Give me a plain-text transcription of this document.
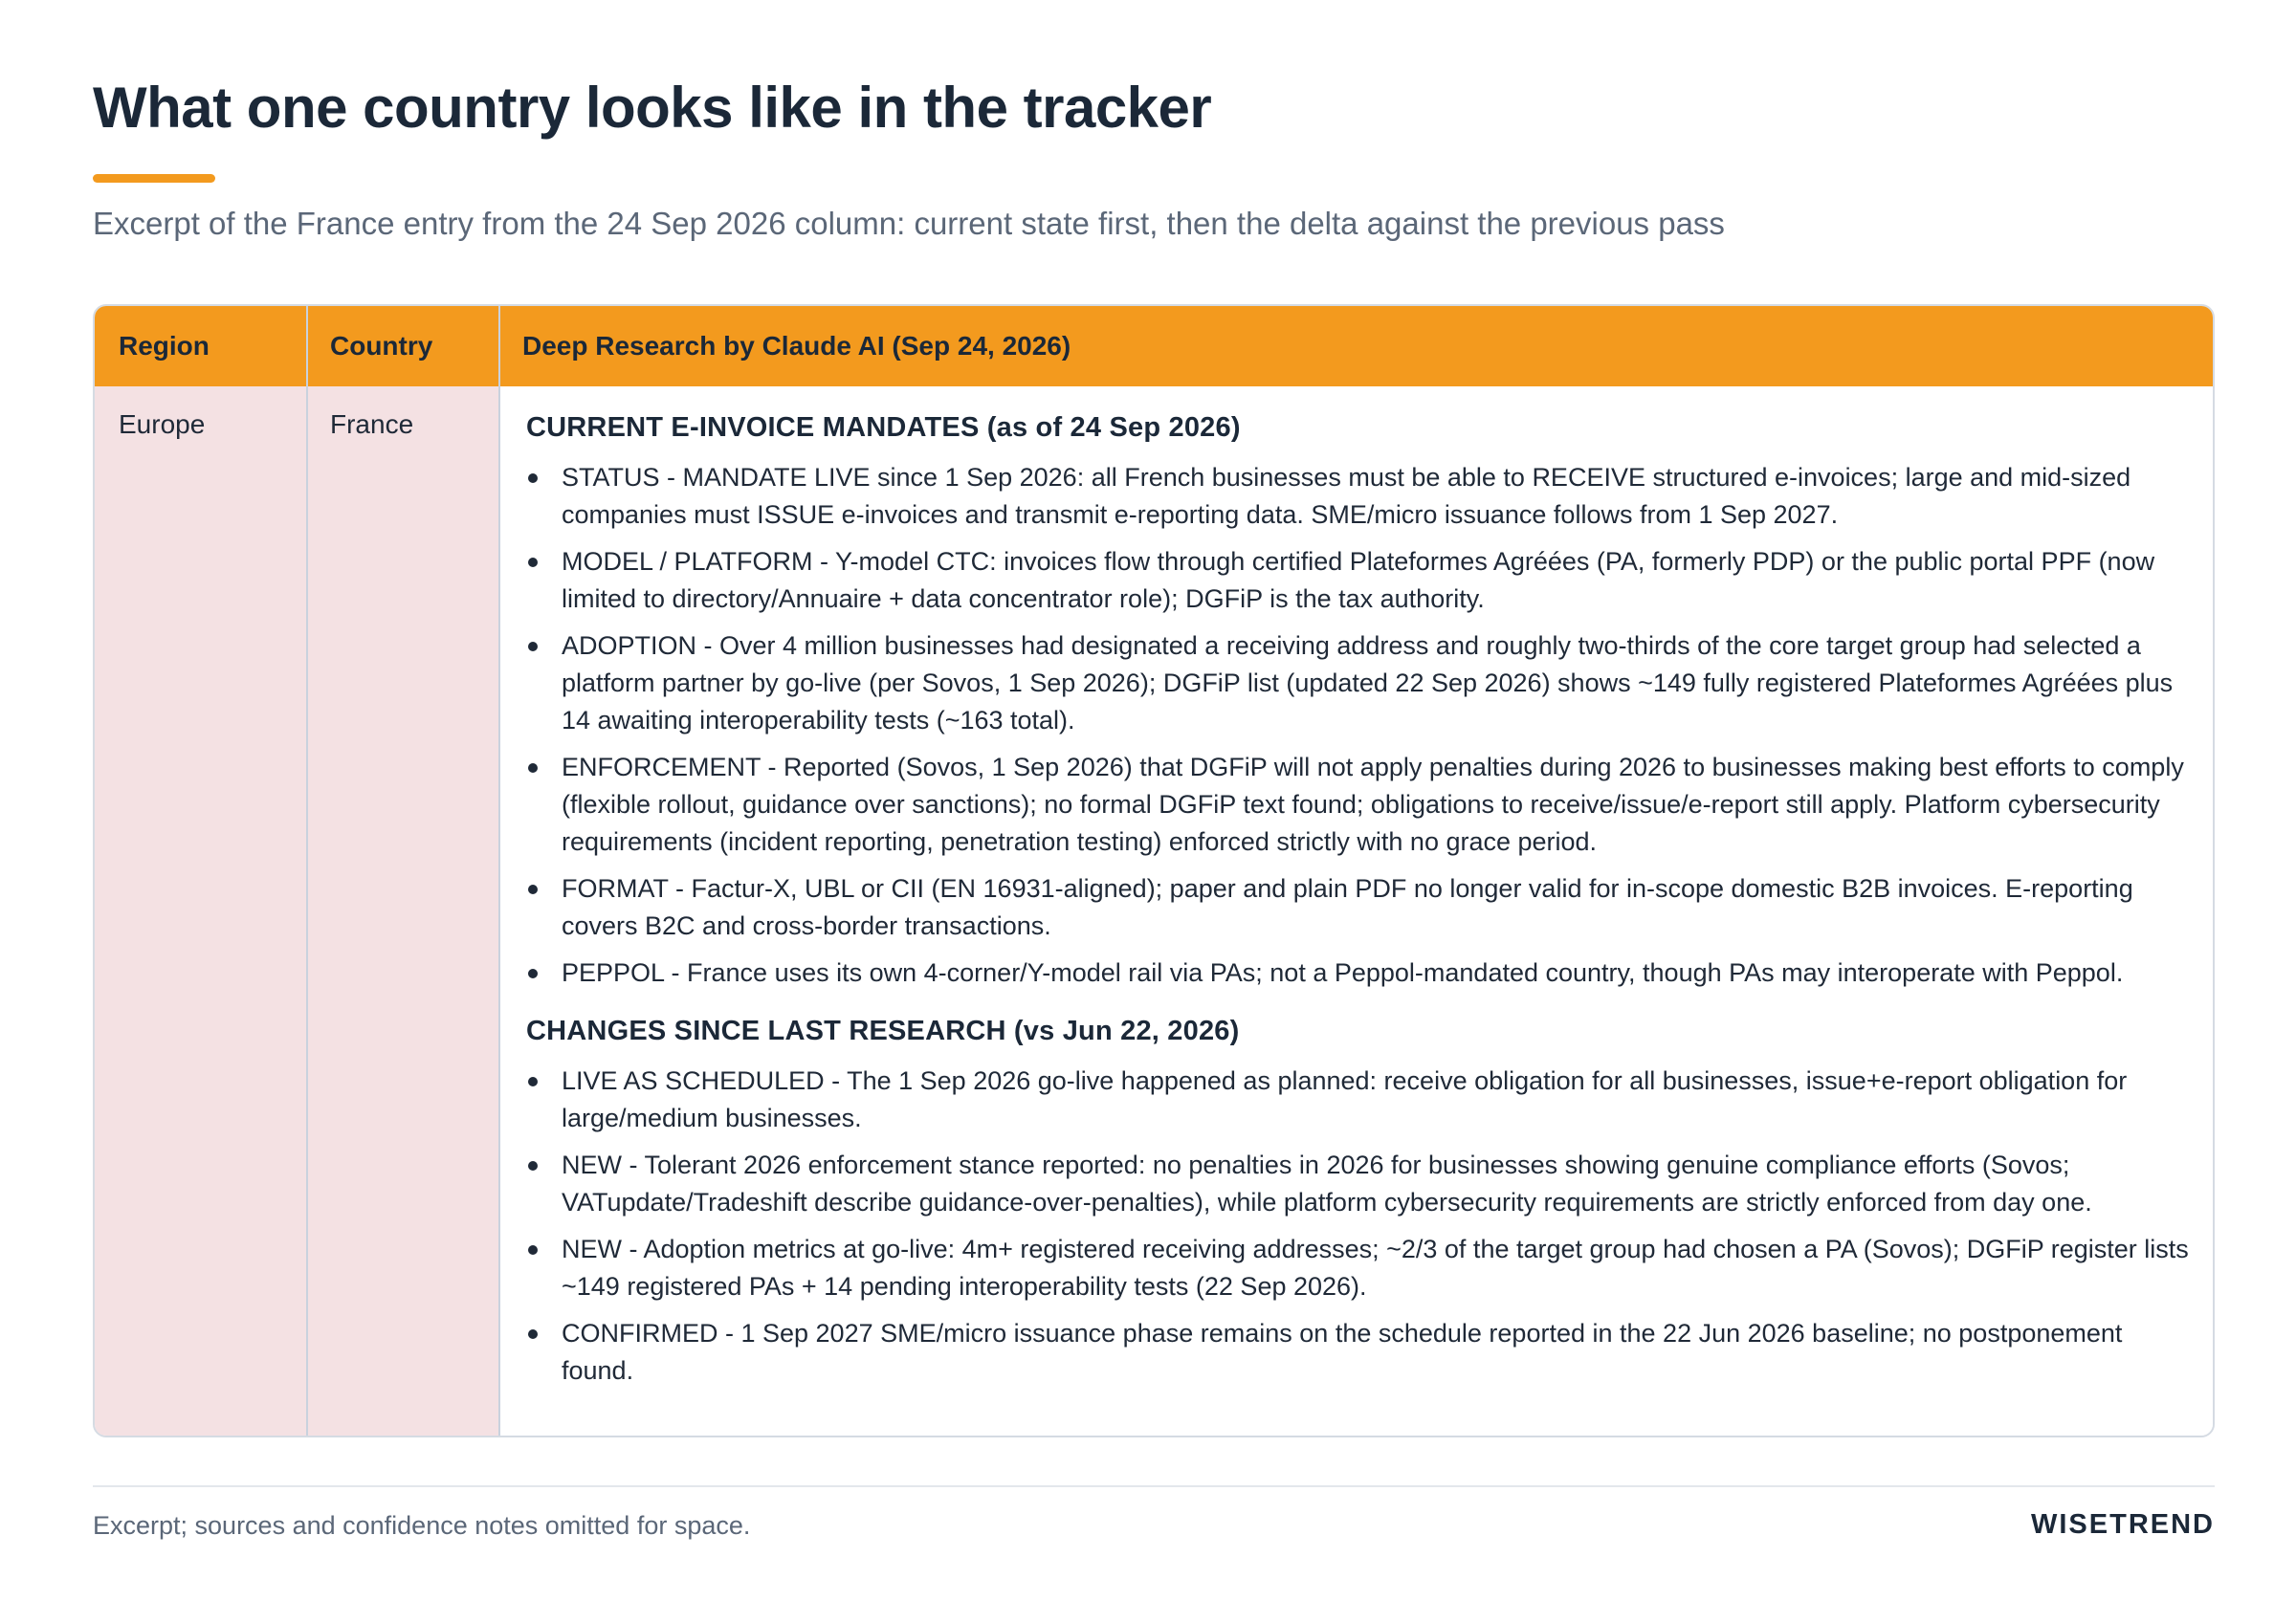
What one country looks like in the tracker

Excerpt of the France entry from the 24 Sep 2026 column: current state first, then the delta against the previous pass

Region	Country	Deep Research by Claude AI (Sep 24, 2026)

Europe	France	CURRENT E-INVOICE MANDATES (as of 24 Sep 2026)
STATUS - MANDATE LIVE since 1 Sep 2026: all French businesses must be able to RECEIVE structured e-invoices; large and mid-sized companies must ISSUE e-invoices and transmit e-reporting data. SME/micro issuance follows from 1 Sep 2027.
MODEL / PLATFORM - Y-model CTC: invoices flow through certified Plateformes Agréées (PA, formerly PDP) or the public portal PPF (now limited to directory/Annuaire + data concentrator role); DGFiP is the tax authority.
ADOPTION - Over 4 million businesses had designated a receiving address and roughly two-thirds of the core target group had selected a platform partner by go-live (per Sovos, 1 Sep 2026); DGFiP list (updated 22 Sep 2026) shows ~149 fully registered Plateformes Agréées plus 14 awaiting interoperability tests (~163 total).
ENFORCEMENT - Reported (Sovos, 1 Sep 2026) that DGFiP will not apply penalties during 2026 to businesses making best efforts to comply (flexible rollout, guidance over sanctions); no formal DGFiP text found; obligations to receive/issue/e-report still apply. Platform cybersecurity requirements (incident reporting, penetration testing) enforced strictly with no grace period.
FORMAT - Factur-X, UBL or CII (EN 16931-aligned); paper and plain PDF no longer valid for in-scope domestic B2B invoices. E-reporting covers B2C and cross-border transactions.
PEPPOL - France uses its own 4-corner/Y-model rail via PAs; not a Peppol-mandated country, though PAs may interoperate with Peppol.
CHANGES SINCE LAST RESEARCH (vs Jun 22, 2026)
LIVE AS SCHEDULED - The 1 Sep 2026 go-live happened as planned: receive obligation for all businesses, issue+e-report obligation for large/medium businesses.
NEW - Tolerant 2026 enforcement stance reported: no penalties in 2026 for businesses showing genuine compliance efforts (Sovos; VATupdate/Tradeshift describe guidance-over-penalties), while platform cybersecurity requirements are strictly enforced from day one.
NEW - Adoption metrics at go-live: 4m+ registered receiving addresses; ~2/3 of the target group had chosen a PA (Sovos); DGFiP register lists ~149 registered PAs + 14 pending interoperability tests (22 Sep 2026).
CONFIRMED - 1 Sep 2027 SME/micro issuance phase remains on the schedule reported in the 22 Jun 2026 baseline; no postponement found.

Excerpt; sources and confidence notes omitted for space.	WISETREND
